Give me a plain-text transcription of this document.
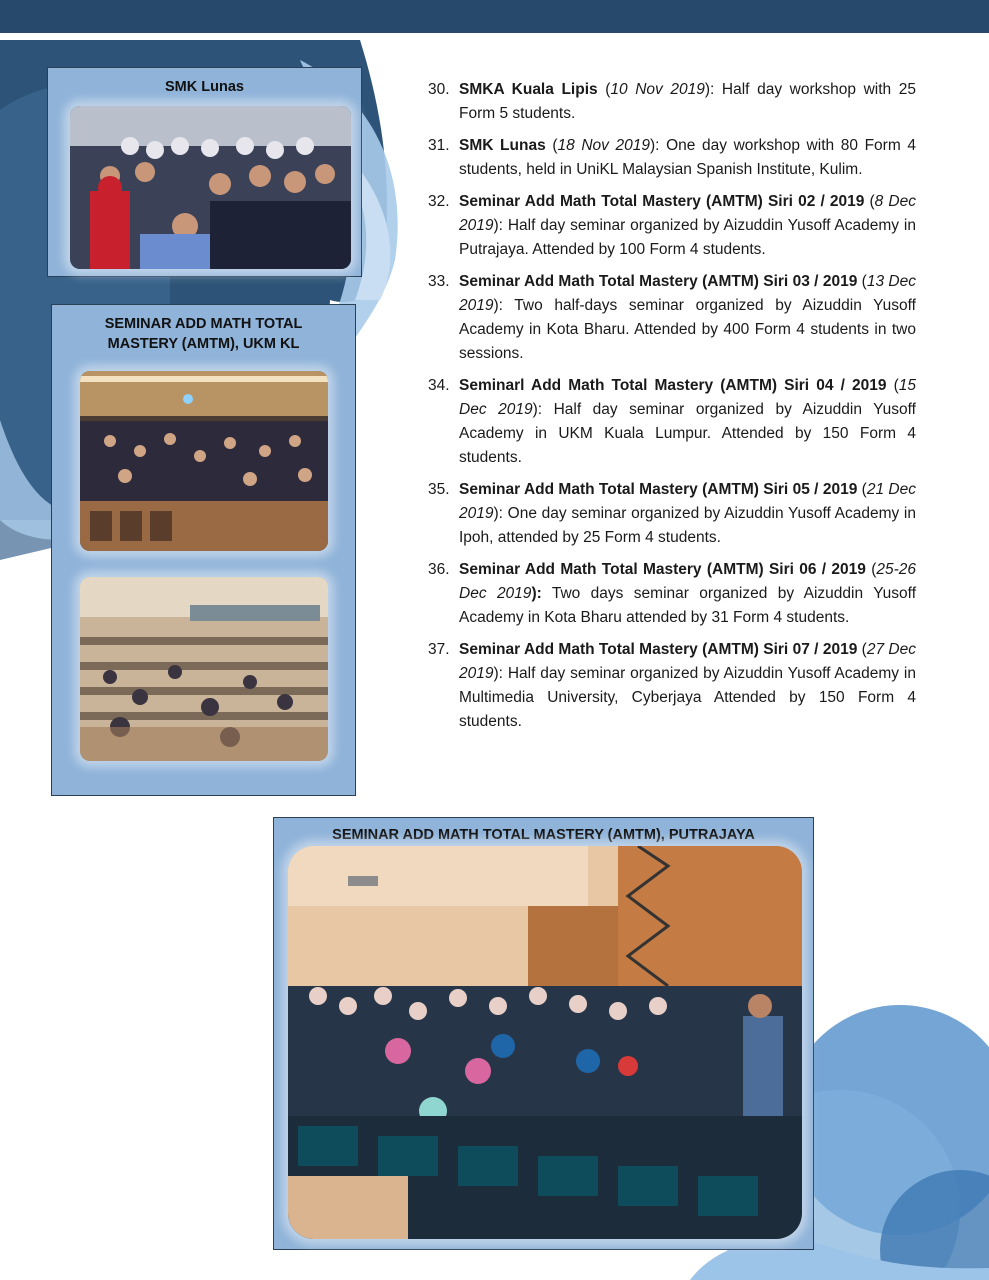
SMK Lunas
SEMINAR ADD MATH TOTAL
MASTERY (AMTM), UKM KL
SEMINAR ADD MATH TOTAL MASTERY (AMTM), PUTRAJAYA
30. SMKA Kuala Lipis (10 Nov 2019): Half day workshop with 25 Form 5 students.
31. SMK Lunas (18 Nov 2019): One day workshop with 80 Form 4 students, held in UniKL Malaysian Spanish Institute, Kulim.
32. Seminar Add Math Total Mastery (AMTM) Siri 02 / 2019 (8 Dec 2019): Half day seminar organized by Aizuddin Yusoff Academy in Putrajaya. Attended by 100 Form 4 students.
33. Seminar Add Math Total Mastery (AMTM) Siri 03 / 2019 (13 Dec 2019): Two half-days seminar organized by Aizuddin Yusoff Academy in Kota Bharu. Attended by 400 Form 4 students in two sessions.
34. Seminarl Add Math Total Mastery (AMTM) Siri 04 / 2019 (15 Dec 2019): Half day seminar organized by Aizuddin Yusoff Academy in UKM Kuala Lumpur. Attended by 150 Form 4 students.
35. Seminar Add Math Total Mastery (AMTM) Siri 05 / 2019 (21 Dec 2019): One day seminar organized by Aizuddin Yusoff Academy in Ipoh, attended by 25 Form 4 students.
36. Seminar Add Math Total Mastery (AMTM) Siri 06 / 2019 (25-26 Dec 2019): Two days seminar organized by Aizuddin Yusoff Academy in Kota Bharu attended by 31 Form 4 students.
37. Seminar Add Math Total Mastery (AMTM) Siri 07 / 2019 (27 Dec 2019): Half day seminar organized by Aizuddin Yusoff Academy in Multimedia University, Cyberjaya Attended by 150 Form 4 students.
